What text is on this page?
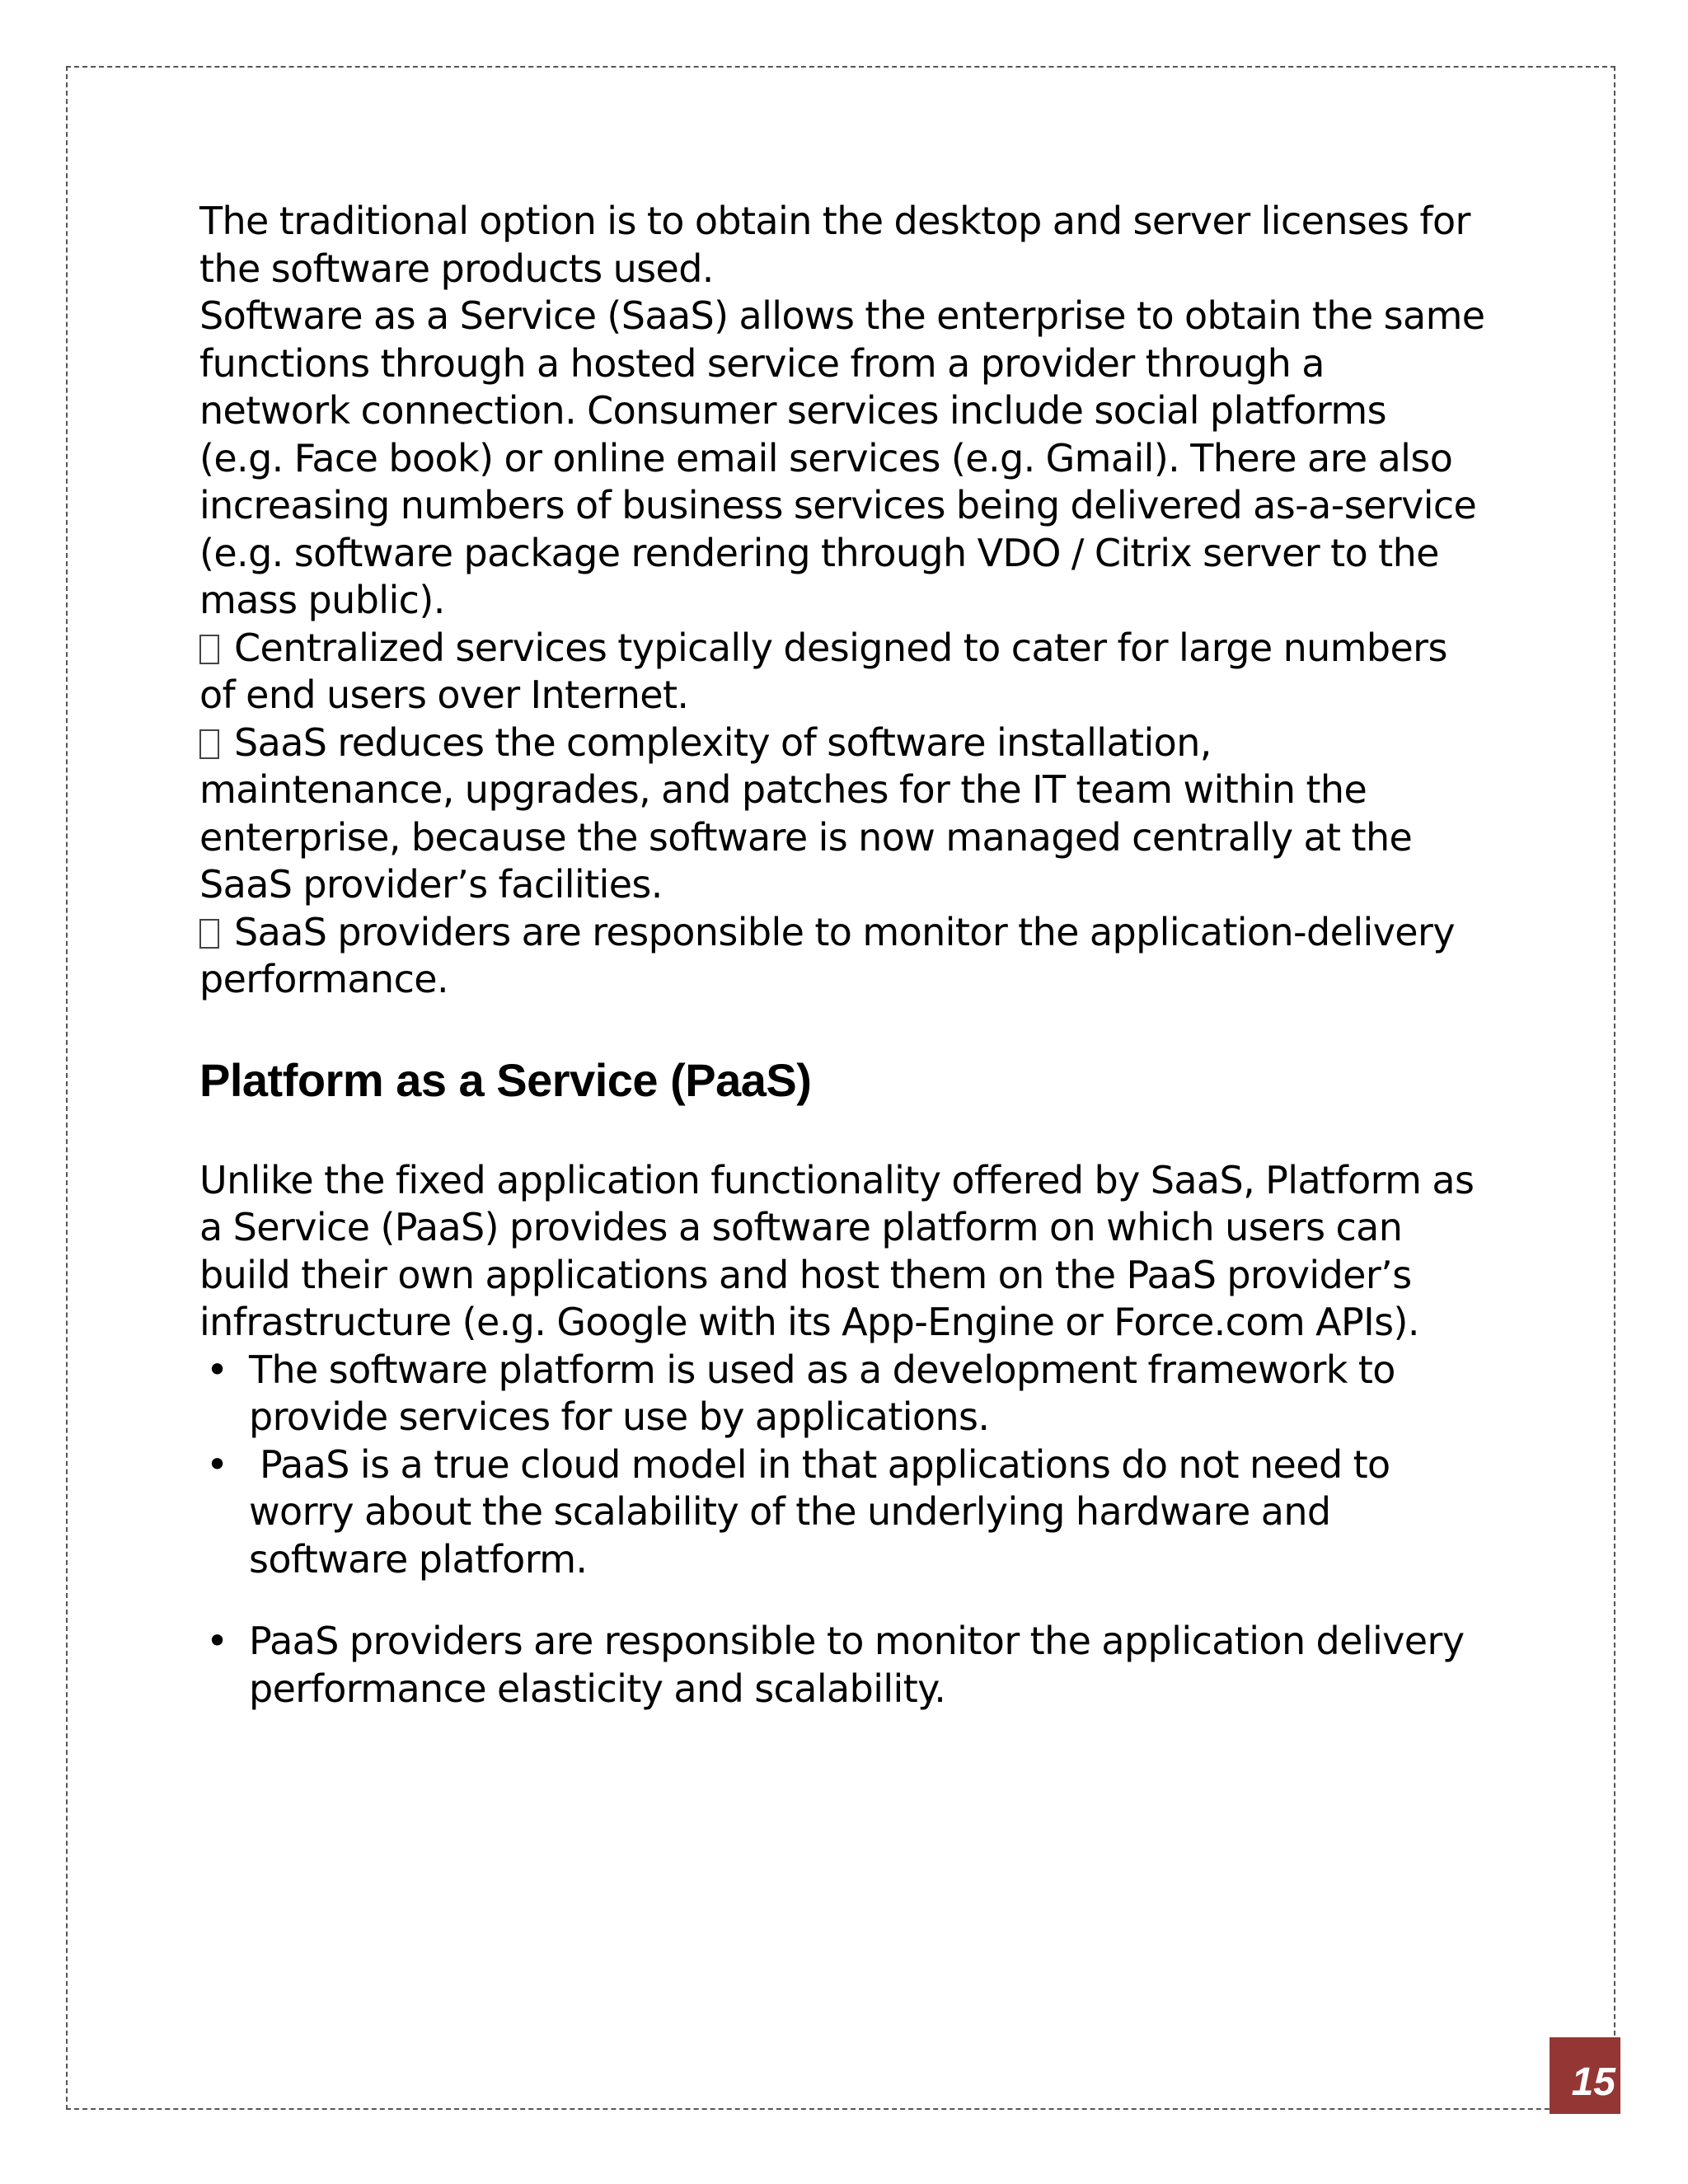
The traditional option is to obtain the desktop and server licenses for
the software products used.
Software as a Service (SaaS) allows the enterprise to obtain the same
functions through a hosted service from a provider through a
network connection. Consumer services include social platforms
(e.g. Face book) or online email services (e.g. Gmail). There are also
increasing numbers of business services being delivered as-a-service
(e.g. software package rendering through VDO / Citrix server to the
mass public).
Centralized services typically designed to cater for large numbers
of end users over Internet.
SaaS reduces the complexity of software installation,
maintenance, upgrades, and patches for the IT team within the
enterprise, because the software is now managed centrally at the
SaaS provider’s facilities.
SaaS providers are responsible to monitor the application-delivery
performance.
Platform as a Service (PaaS)
Unlike the fixed application functionality offered by SaaS, Platform as
a Service (PaaS) provides a software platform on which users can
build their own applications and host them on the PaaS provider’s
infrastructure (e.g. Google with its App-Engine or Force.com APIs).
• The software platform is used as a development framework to
provide services for use by applications.
• PaaS is a true cloud model in that applications do not need to
worry about the scalability of the underlying hardware and
software platform.
• PaaS providers are responsible to monitor the application delivery
performance elasticity and scalability.
15
